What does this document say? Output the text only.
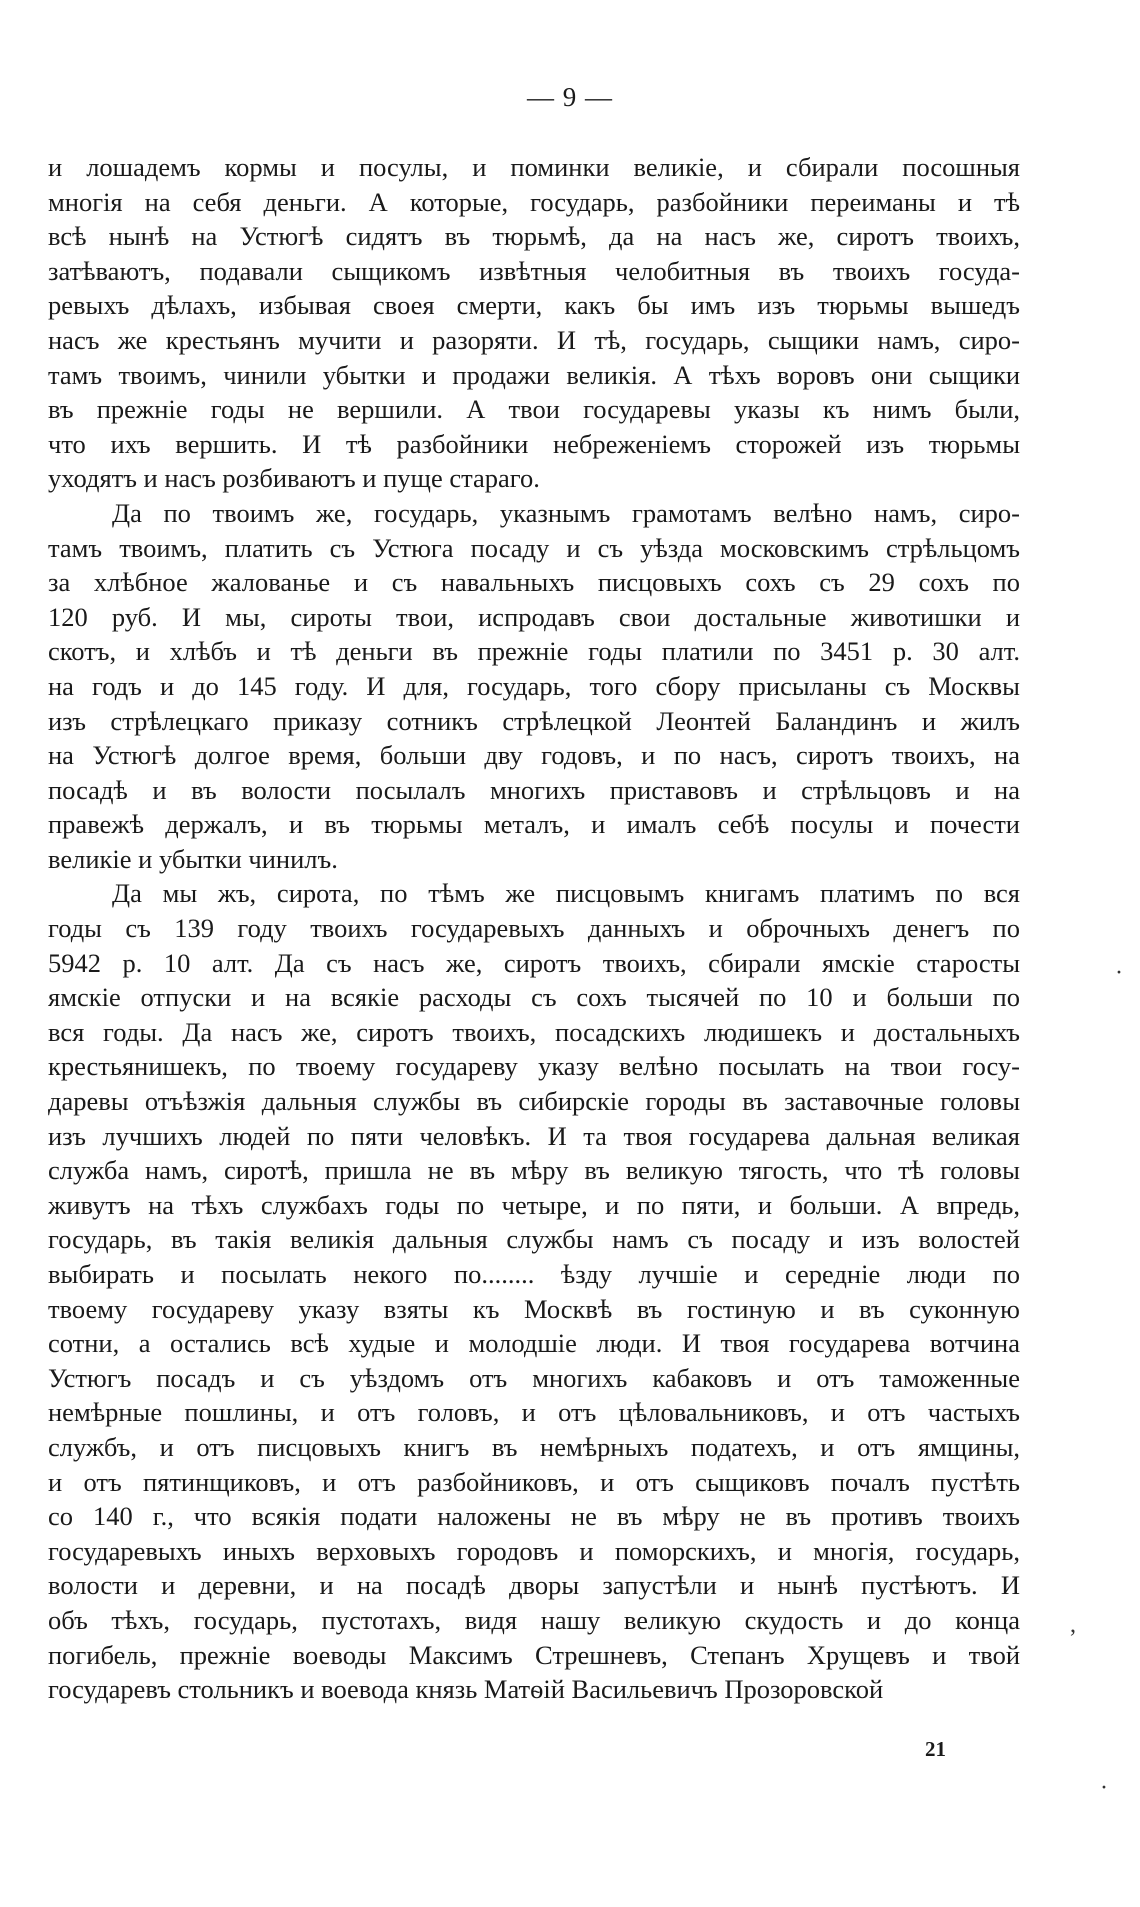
— 9 —
и лошадемъ кормы и посулы, и поминки великіе, и сбирали посошныя
многія на себя деньги. А которые, государь, разбойники переиманы и тѣ
всѣ нынѣ на Устюгѣ сидятъ въ тюрьмѣ, да на насъ же, сиротъ твоихъ,
затѣваютъ, подавали сыщикомъ извѣтныя челобитныя въ твоихъ госуда-
ревыхъ дѣлахъ, избывая своея смерти, какъ бы имъ изъ тюрьмы вышедъ
насъ же крестьянъ мучити и разоряти. И тѣ, государь, сыщики намъ, сиро-
тамъ твоимъ, чинили убытки и продажи великія. А тѣхъ воровъ они сыщики
въ прежніе годы не вершили. А твои государевы указы къ нимъ были,
что ихъ вершить. И тѣ разбойники небреженіемъ сторожей изъ тюрьмы
уходятъ и насъ розбиваютъ и пуще стараго.
Да по твоимъ же, государь, указнымъ грамотамъ велѣно намъ, сиро-
тамъ твоимъ, платить съ Устюга посаду и съ уѣзда московскимъ стрѣльцомъ
за хлѣбное жалованье и съ навальныхъ писцовыхъ сохъ съ 29 сохъ по
120 руб. И мы, сироты твои, испродавъ свои достальные животишки и
скотъ, и хлѣбъ и тѣ деньги въ прежніе годы платили по 3451 р. 30 алт.
на годъ и до 145 году. И для, государь, того сбору присыланы съ Москвы
изъ стрѣлецкаго приказу сотникъ стрѣлецкой Леонтей Баландинъ и жилъ
на Устюгѣ долгое время, больши дву годовъ, и по насъ, сиротъ твоихъ, на
посадѣ и въ волости посылалъ многихъ приставовъ и стрѣльцовъ и на
правежѣ держалъ, и въ тюрьмы металъ, и ималъ себѣ посулы и почести
великіе и убытки чинилъ.
Да мы жъ, сирота, по тѣмъ же писцовымъ книгамъ платимъ по вся
годы съ 139 году твоихъ государевыхъ данныхъ и оброчныхъ денегъ по
5942 р. 10 алт. Да съ насъ же, сиротъ твоихъ, сбирали ямскіе старосты
ямскіе отпуски и на всякіе расходы съ сохъ тысячей по 10 и больши по
вся годы. Да насъ же, сиротъ твоихъ, посадскихъ людишекъ и достальныхъ
крестьянишекъ, по твоему государеву указу велѣно посылать на твои госу-
даревы отъѣзжія дальныя службы въ сибирскіе городы въ заставочные головы
изъ лучшихъ людей по пяти человѣкъ. И та твоя государева дальная великая
служба намъ, сиротѣ, пришла не въ мѣру въ великую тягость, что тѣ головы
живутъ на тѣхъ службахъ годы по четыре, и по пяти, и больши. А впредь,
государь, въ такія великія дальныя службы намъ съ посаду и изъ волостей
выбирать и посылать некого по........ ѣзду лучшіе и середніе люди по
твоему государеву указу взяты къ Москвѣ въ гостиную и въ суконную
сотни, а остались всѣ худые и молодшіе люди. И твоя государева вотчина
Устюгъ посадъ и съ уѣздомъ отъ многихъ кабаковъ и отъ таможенные
немѣрные пошлины, и отъ головъ, и отъ цѣловальниковъ, и отъ частыхъ
службъ, и отъ писцовыхъ книгъ въ немѣрныхъ податехъ, и отъ ямщины,
и отъ пятинщиковъ, и отъ разбойниковъ, и отъ сыщиковъ почалъ пустѣть
со 140 г., что всякія подати наложены не въ мѣру не въ противъ твоихъ
государевыхъ иныхъ верховыхъ городовъ и поморскихъ, и многія, государь,
волости и деревни, и на посадѣ дворы запустѣли и нынѣ пустѣютъ. И
объ тѣхъ, государь, пустотахъ, видя нашу великую скудость и до конца
погибель, прежніе воеводы Максимъ Стрешневъ, Степанъ Хрущевъ и твой
государевъ стольникъ и воевода князь Матѳій Васильевичъ Прозоровской
21
,
·
·
